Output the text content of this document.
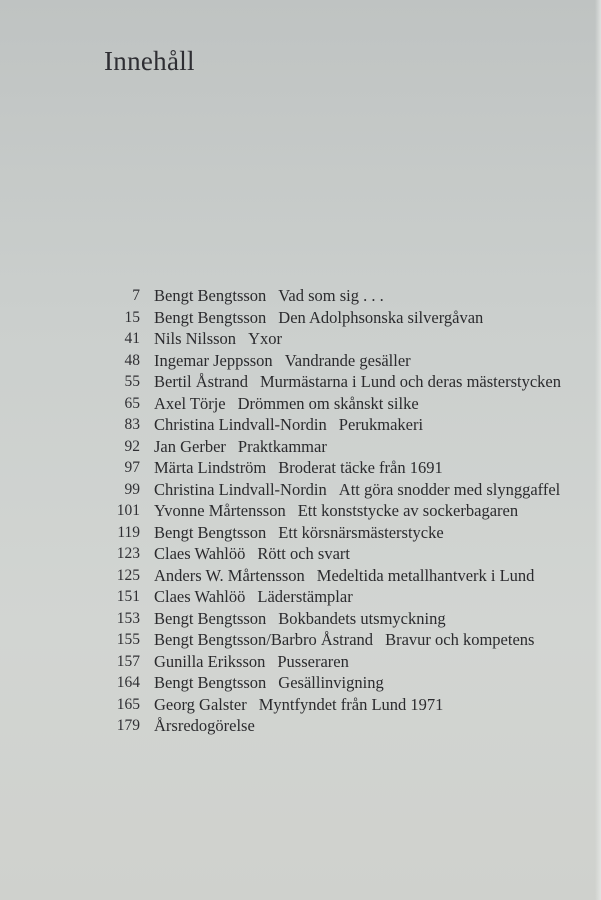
Innehåll
7 Bengt Bengtsson Vad som sig . . .
15 Bengt Bengtsson Den Adolphsonska silvergåvan
41 Nils Nilsson Yxor
48 Ingemar Jeppsson Vandrande gesäller
55 Bertil Åstrand Murmästarna i Lund och deras mästerstycken
65 Axel Törje Drömmen om skånskt silke
83 Christina Lindvall-Nordin Perukmakeri
92 Jan Gerber Praktkammar
97 Märta Lindström Broderat täcke från 1691
99 Christina Lindvall-Nordin Att göra snodder med slynggaffel
101 Yvonne Mårtensson Ett konststycke av sockerbagaren
119 Bengt Bengtsson Ett körsnärsmästerstycke
123 Claes Wahlöö Rött och svart
125 Anders W. Mårtensson Medeltida metallhantverk i Lund
151 Claes Wahlöö Läderstämplar
153 Bengt Bengtsson Bokbandets utsmyckning
155 Bengt Bengtsson/Barbro Åstrand Bravur och kompetens
157 Gunilla Eriksson Pusseraren
164 Bengt Bengtsson Gesällinvigning
165 Georg Galster Myntfyndet från Lund 1971
179 Årsredogörelse
